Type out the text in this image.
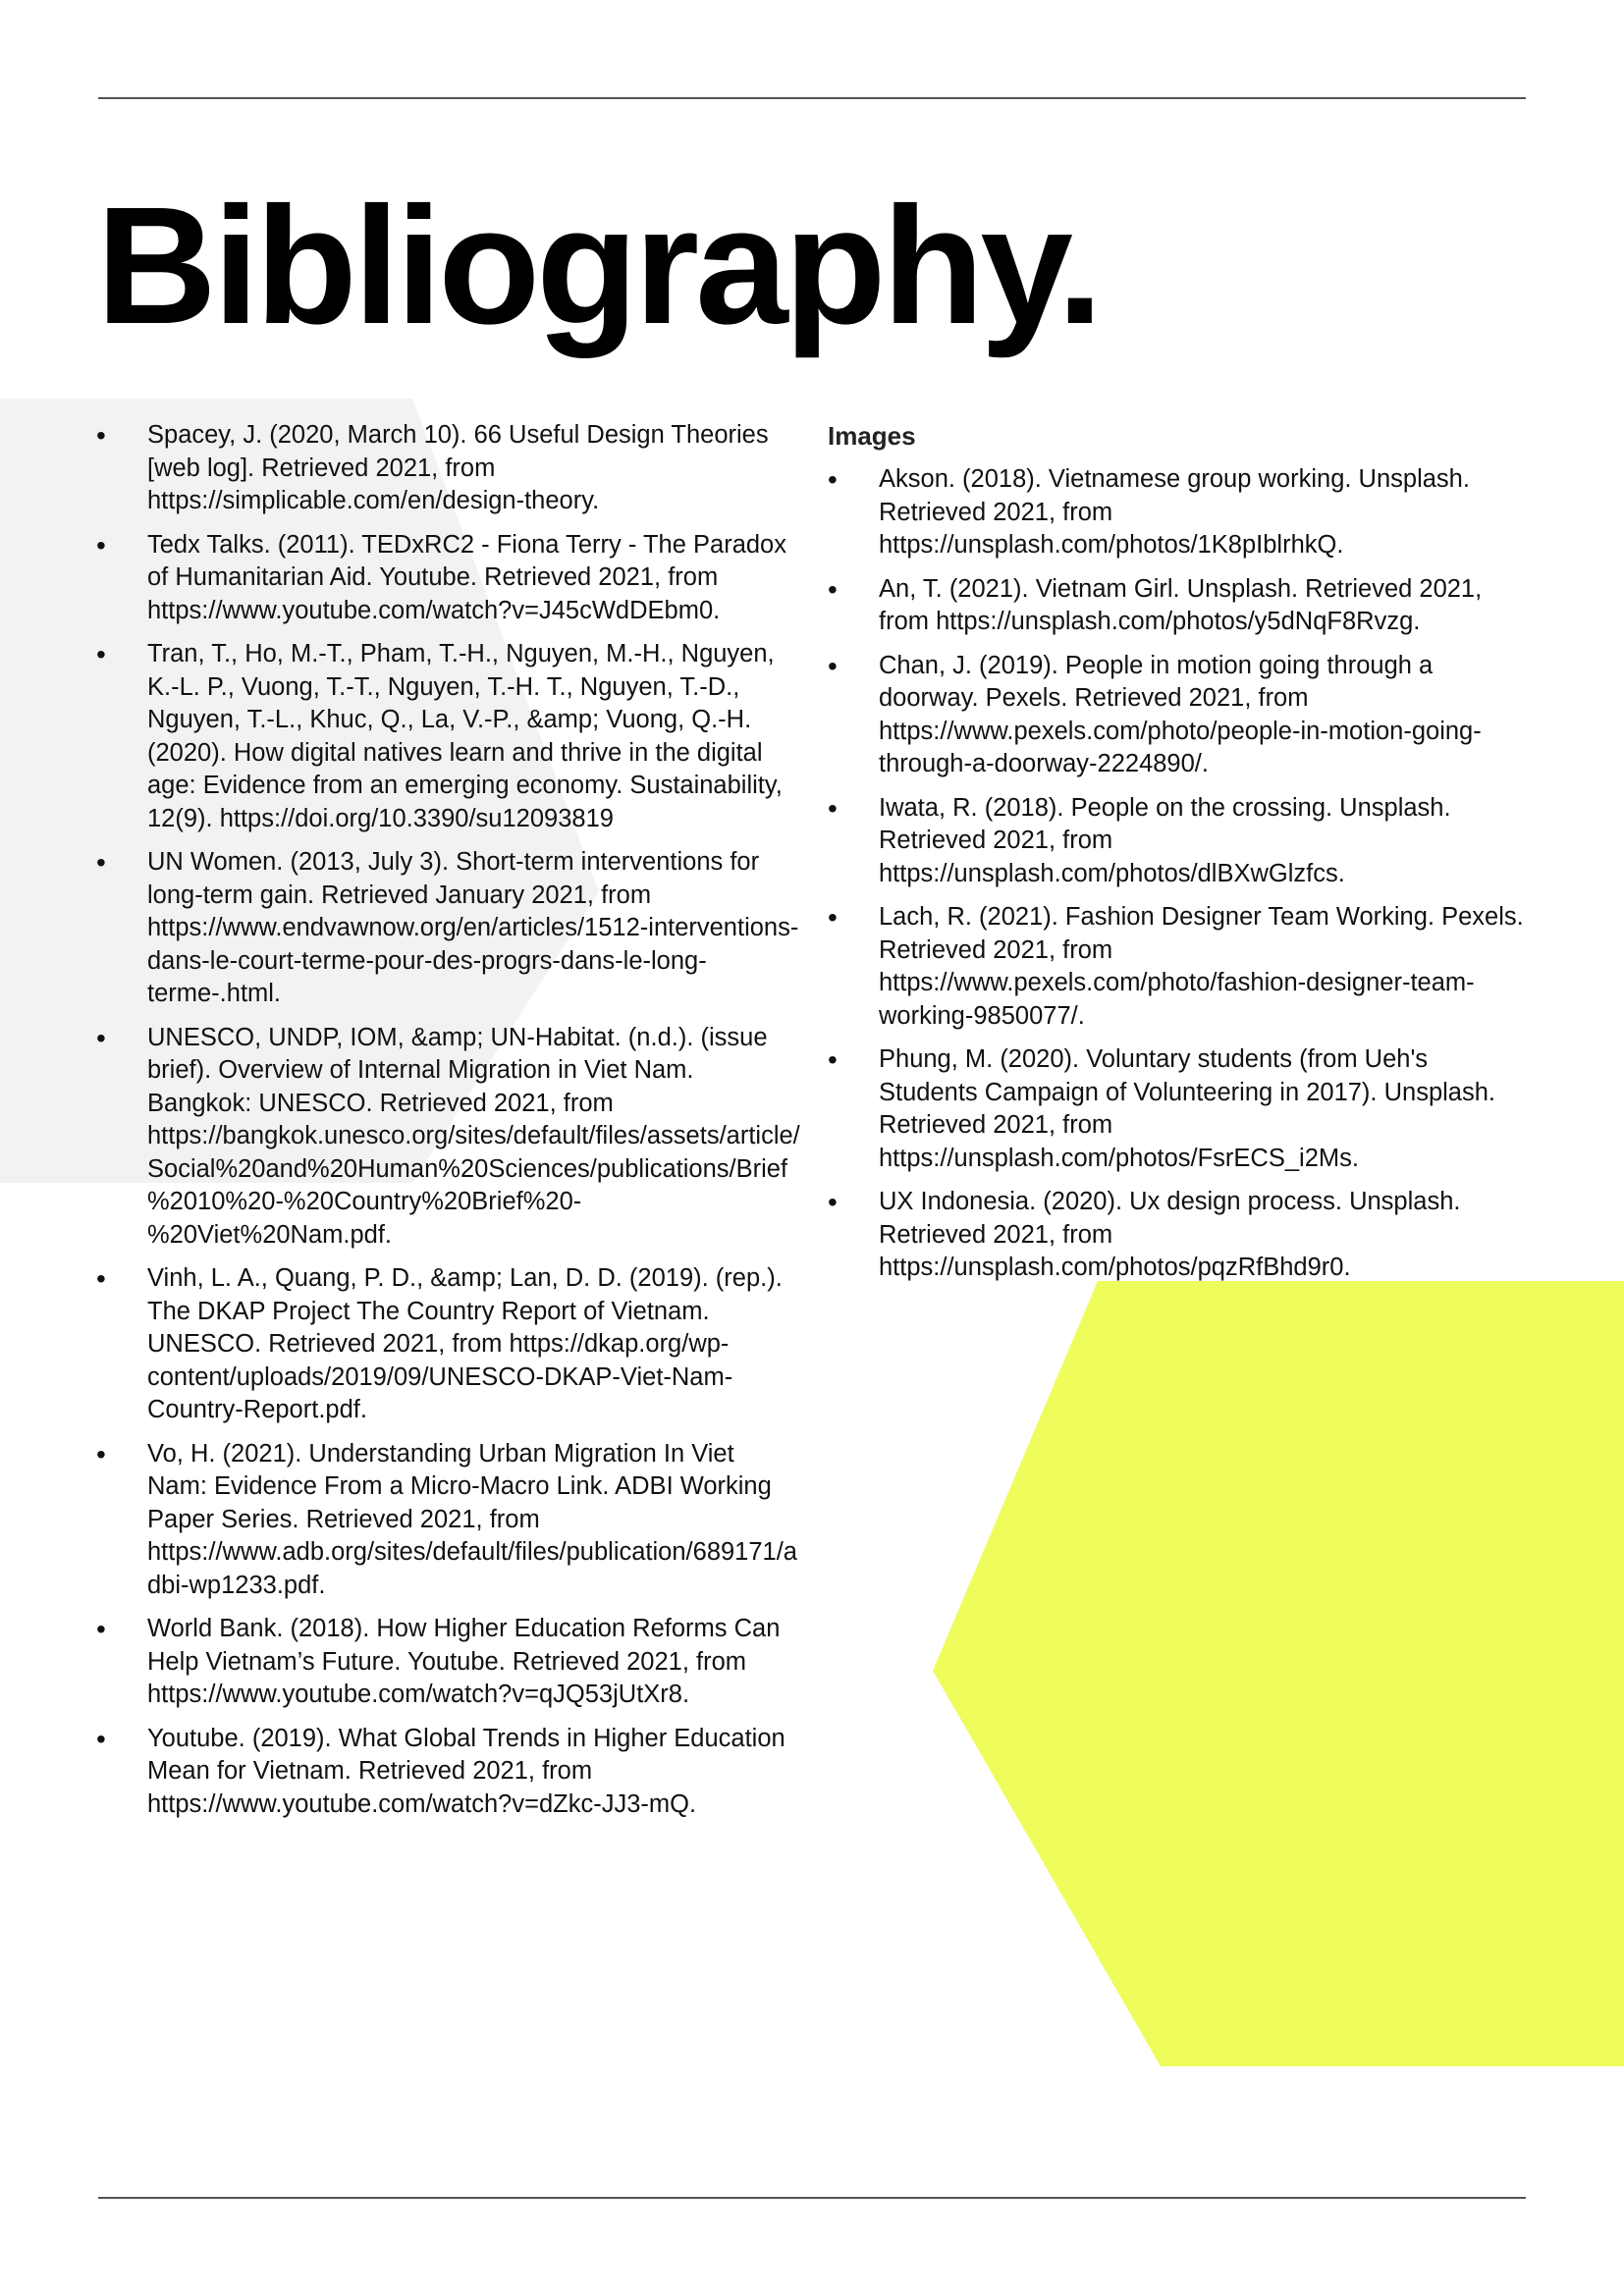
Bibliography.
• Spacey, J. (2020, March 10). 66 Useful Design Theories [web log]. Retrieved 2021, from https://simplicable.com/en/design-theory.
• Tedx Talks. (2011). TEDxRC2 - Fiona Terry - The Paradox of Humanitarian Aid. Youtube. Retrieved 2021, from https://www.youtube.com/watch?v=J45cWdDEbm0.
• Tran, T., Ho, M.-T., Pham, T.-H., Nguyen, M.-H., Nguyen, K.-L. P., Vuong, T.-T., Nguyen, T.-H. T., Nguyen, T.-D., Nguyen, T.-L., Khuc, Q., La, V.-P., &amp; Vuong, Q.-H. (2020). How digital natives learn and thrive in the digital age: Evidence from an emerging economy. Sustainability, 12(9). https://doi.org/10.3390/su12093819
• UN Women. (2013, July 3). Short-term interventions for long-term gain. Retrieved January 2021, from https://www.endvawnow.org/en/articles/1512-interventions-dans-le-court-terme-pour-des-progrs-dans-le-long-terme-.html.
• UNESCO, UNDP, IOM, &amp; UN-Habitat. (n.d.). (issue brief). Overview of Internal Migration in Viet Nam. Bangkok: UNESCO. Retrieved 2021, from https://bangkok.unesco.org/sites/default/files/assets/article/Social%20and%20Human%20Sciences/publications/Brief%2010%20-%20Country%20Brief%20-%20Viet%20Nam.pdf.
• Vinh, L. A., Quang, P. D., &amp; Lan, D. D. (2019). (rep.). The DKAP Project The Country Report of Vietnam. UNESCO. Retrieved 2021, from https://dkap.org/wp-content/uploads/2019/09/UNESCO-DKAP-Viet-Nam-Country-Report.pdf.
• Vo, H. (2021). Understanding Urban Migration In Viet Nam: Evidence From a Micro-Macro Link. ADBI Working Paper Series. Retrieved 2021, from https://www.adb.org/sites/default/files/publication/689171/adbi-wp1233.pdf.
• World Bank. (2018). How Higher Education Reforms Can Help Vietnam’s Future. Youtube. Retrieved 2021, from https://www.youtube.com/watch?v=qJQ53jUtXr8.
• Youtube. (2019). What Global Trends in Higher Education Mean for Vietnam. Retrieved 2021, from https://www.youtube.com/watch?v=dZkc-JJ3-mQ.
Images
• Akson. (2018). Vietnamese group working. Unsplash. Retrieved 2021, from https://unsplash.com/photos/1K8pIblrhkQ.
• An, T. (2021). Vietnam Girl. Unsplash. Retrieved 2021, from https://unsplash.com/photos/y5dNqF8Rvzg.
• Chan, J. (2019). People in motion going through a doorway. Pexels. Retrieved 2021, from https://www.pexels.com/photo/people-in-motion-going-through-a-doorway-2224890/.
• Iwata, R. (2018). People on the crossing. Unsplash. Retrieved 2021, from https://unsplash.com/photos/dlBXwGlzfcs.
• Lach, R. (2021). Fashion Designer Team Working. Pexels. Retrieved 2021, from https://www.pexels.com/photo/fashion-designer-team-working-9850077/.
• Phung, M. (2020). Voluntary students (from Ueh's Students Campaign of Volunteering in 2017). Unsplash. Retrieved 2021, from https://unsplash.com/photos/FsrECS_i2Ms.
• UX Indonesia. (2020). Ux design process. Unsplash. Retrieved 2021, from https://unsplash.com/photos/pqzRfBhd9r0.
